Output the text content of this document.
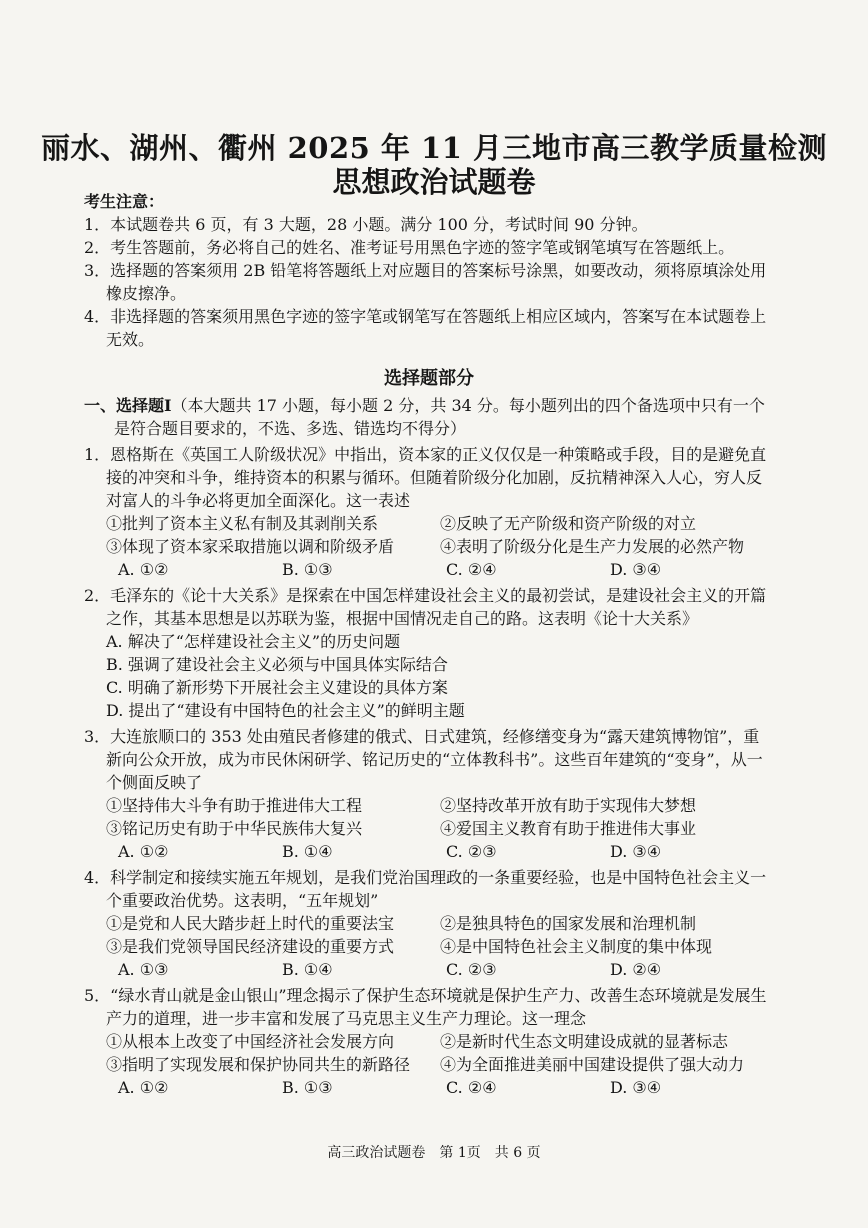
丽水、湖州、衢州 2025 年 11 月三地市高三教学质量检测
思想政治试题卷
考生注意：
1．本试题卷共 6 页，有 3 大题，28 小题。满分 100 分，考试时间 90 分钟。
2．考生答题前，务必将自己的姓名、准考证号用黑色字迹的签字笔或钢笔填写在答题纸上。
3．选择题的答案须用 2B 铅笔将答题纸上对应题目的答案标号涂黑，如要改动，须将原填涂处用橡皮擦净。
4．非选择题的答案须用黑色字迹的签字笔或钢笔写在答题纸上相应区域内，答案写在本试题卷上无效。
选择题部分
一、选择题Ⅰ（本大题共 17 小题，每小题 2 分，共 34 分。每小题列出的四个备选项中只有一个是符合题目要求的，不选、多选、错选均不得分）
1．恩格斯在《英国工人阶级状况》中指出，资本家的正义仅仅是一种策略或手段，目的是避免直接的冲突和斗争，维持资本的积累与循环。但随着阶级分化加剧，反抗精神深入人心，穷人反对富人的斗争必将更加全面深化。这一表述
①批判了资本主义私有制及其剥削关系	②反映了无产阶级和资产阶级的对立
③体现了资本家采取措施以调和阶级矛盾	④表明了阶级分化是生产力发展的必然产物
A. ①②	B. ①③	C. ②④	D. ③④
2．毛泽东的《论十大关系》是探索在中国怎样建设社会主义的最初尝试，是建设社会主义的开篇之作，其基本思想是以苏联为鉴，根据中国情况走自己的路。这表明《论十大关系》
A. 解决了“怎样建设社会主义”的历史问题
B. 强调了建设社会主义必须与中国具体实际结合
C. 明确了新形势下开展社会主义建设的具体方案
D. 提出了“建设有中国特色的社会主义”的鲜明主题
3．大连旅顺口的 353 处由殖民者修建的俄式、日式建筑，经修缮变身为“露天建筑博物馆”，重新向公众开放，成为市民休闲研学、铭记历史的“立体教科书”。这些百年建筑的“变身”，从一个侧面反映了
①坚持伟大斗争有助于推进伟大工程	②坚持改革开放有助于实现伟大梦想
③铭记历史有助于中华民族伟大复兴	④爱国主义教育有助于推进伟大事业
A. ①②	B. ①④	C. ②③	D. ③④
4．科学制定和接续实施五年规划，是我们党治国理政的一条重要经验，也是中国特色社会主义一个重要政治优势。这表明，“五年规划”
①是党和人民大踏步赶上时代的重要法宝	②是独具特色的国家发展和治理机制
③是我们党领导国民经济建设的重要方式	④是中国特色社会主义制度的集中体现
A. ①③	B. ①④	C. ②③	D. ②④
5．“绿水青山就是金山银山”理念揭示了保护生态环境就是保护生产力、改善生态环境就是发展生产力的道理，进一步丰富和发展了马克思主义生产力理论。这一理念
①从根本上改变了中国经济社会发展方向	②是新时代生态文明建设成就的显著标志
③指明了实现发展和保护协同共生的新路径	④为全面推进美丽中国建设提供了强大动力
A. ①②	B. ①③	C. ②④	D. ③④
高三政治试题卷　第 1页　共 6 页
